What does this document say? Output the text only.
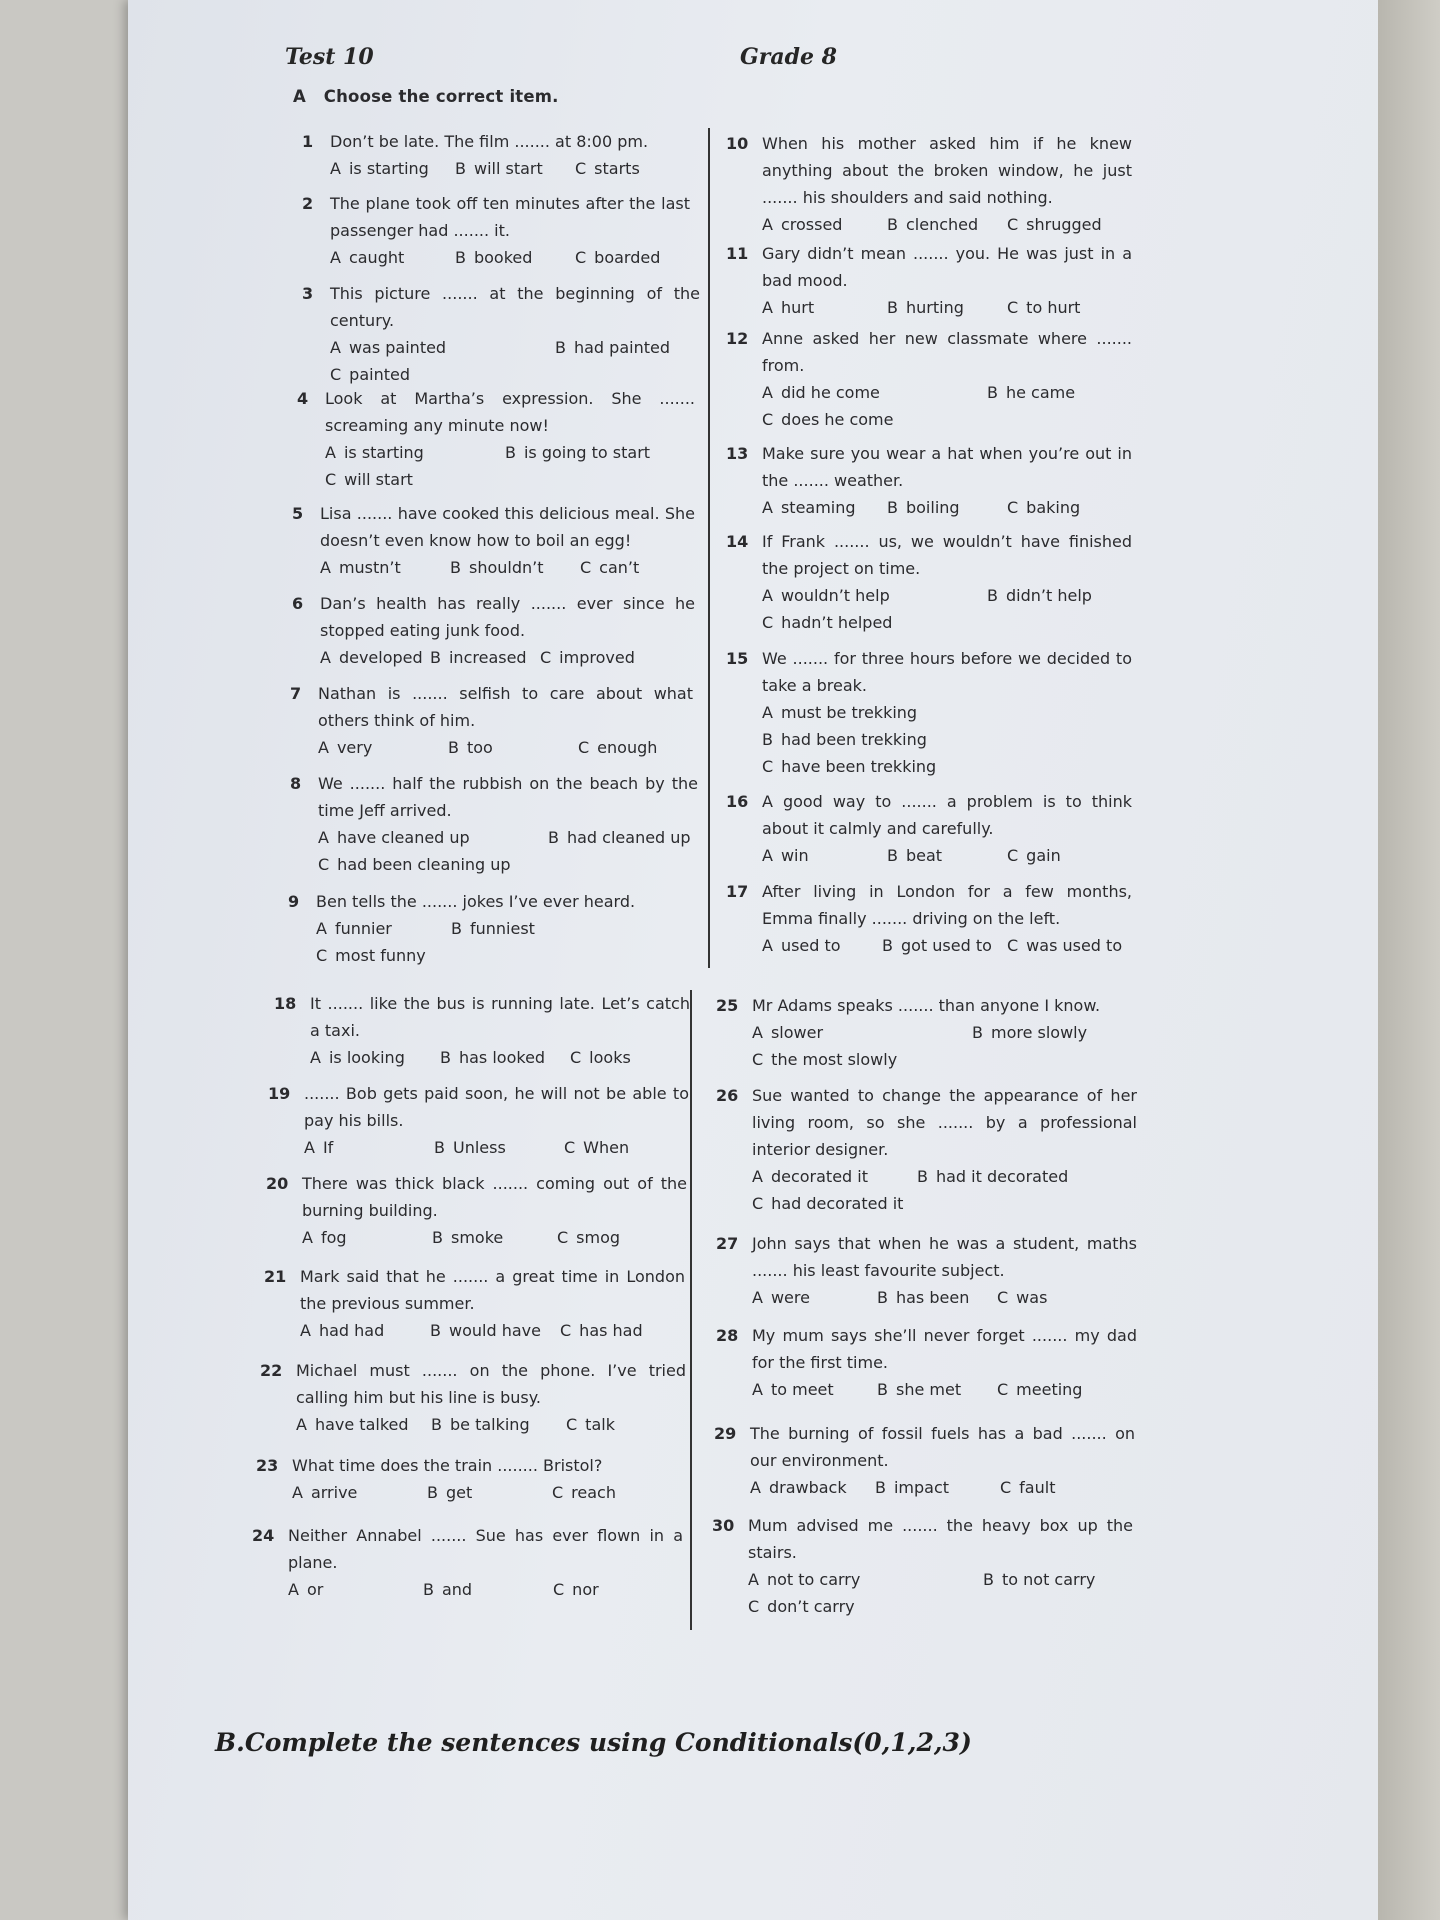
Test 10	Grade 8
A   Choose the correct item.
1 Don’t be late. The film ....... at 8:00 pm.
A is starting	B will start	C starts
2 The plane took off ten minutes after the last passenger had ....... it.
A caught	B booked	C boarded
3 This picture ....... at the beginning of the century.
A was painted	B had painted
C painted
4 Look at Martha’s expression. She ....... screaming any minute now!
A is starting	B is going to start
C will start
5 Lisa ....... have cooked this delicious meal. She doesn’t even know how to boil an egg!
A mustn’t	B shouldn’t	C can’t
6 Dan’s health has really ....... ever since he stopped eating junk food.
A developed B increased C improved
7 Nathan is ....... selfish to care about what others think of him.
A very	B too	C enough
8 We ....... half the rubbish on the beach by the time Jeff arrived.
A have cleaned up	B had cleaned up
C had been cleaning up
9 Ben tells the ....... jokes I’ve ever heard.
A funnier	B funniest
C most funny
10 When his mother asked him if he knew anything about the broken window, he just ....... his shoulders and said nothing.
A crossed	B clenched	C shrugged
11 Gary didn’t mean ....... you. He was just in a bad mood.
A hurt	B hurting	C to hurt
12 Anne asked her new classmate where ....... from.
A did he come	B he came
C does he come
13 Make sure you wear a hat when you’re out in the ....... weather.
A steaming	B boiling	C baking
14 If Frank ....... us, we wouldn’t have finished the project on time.
A wouldn’t help	B didn’t help
C hadn’t helped
15 We ....... for three hours before we decided to take a break.
A must be trekking
B had been trekking
C have been trekking
16 A good way to ....... a problem is to think about it calmly and carefully.
A win	B beat	C gain
17 After living in London for a few months, Emma finally ....... driving on the left.
A used to	B got used to C was used to
18 It ....... like the bus is running late. Let’s catch a taxi.
A is looking	B has looked	C looks
19 ....... Bob gets paid soon, he will not be able to pay his bills.
A If	B Unless	C When
20 There was thick black ....... coming out of the burning building.
A fog	B smoke	C smog
21 Mark said that he ....... a great time in London the previous summer.
A had had	B would have	C has had
22 Michael must ....... on the phone. I’ve tried calling him but his line is busy.
A have talked	B be talking	C talk
23 What time does the train ........ Bristol?
A arrive	B get	C reach
24 Neither Annabel ....... Sue has ever flown in a plane.
A or	B and	C nor
25 Mr Adams speaks ....... than anyone I know.
A slower	B more slowly
C the most slowly
26 Sue wanted to change the appearance of her living room, so she ....... by a professional interior designer.
A decorated it	B had it decorated
C had decorated it
27 John says that when he was a student, maths ....... his least favourite subject.
A were	B has been	C was
28 My mum says she’ll never forget ....... my dad for the first time.
A to meet	B she met	C meeting
29 The burning of fossil fuels has a bad ....... on our environment.
A drawback	B impact	C fault
30 Mum advised me ....... the heavy box up the stairs.
A not to carry	B to not carry
C don’t carry
B.Complete the sentences using Conditionals(0,1,2,3)
